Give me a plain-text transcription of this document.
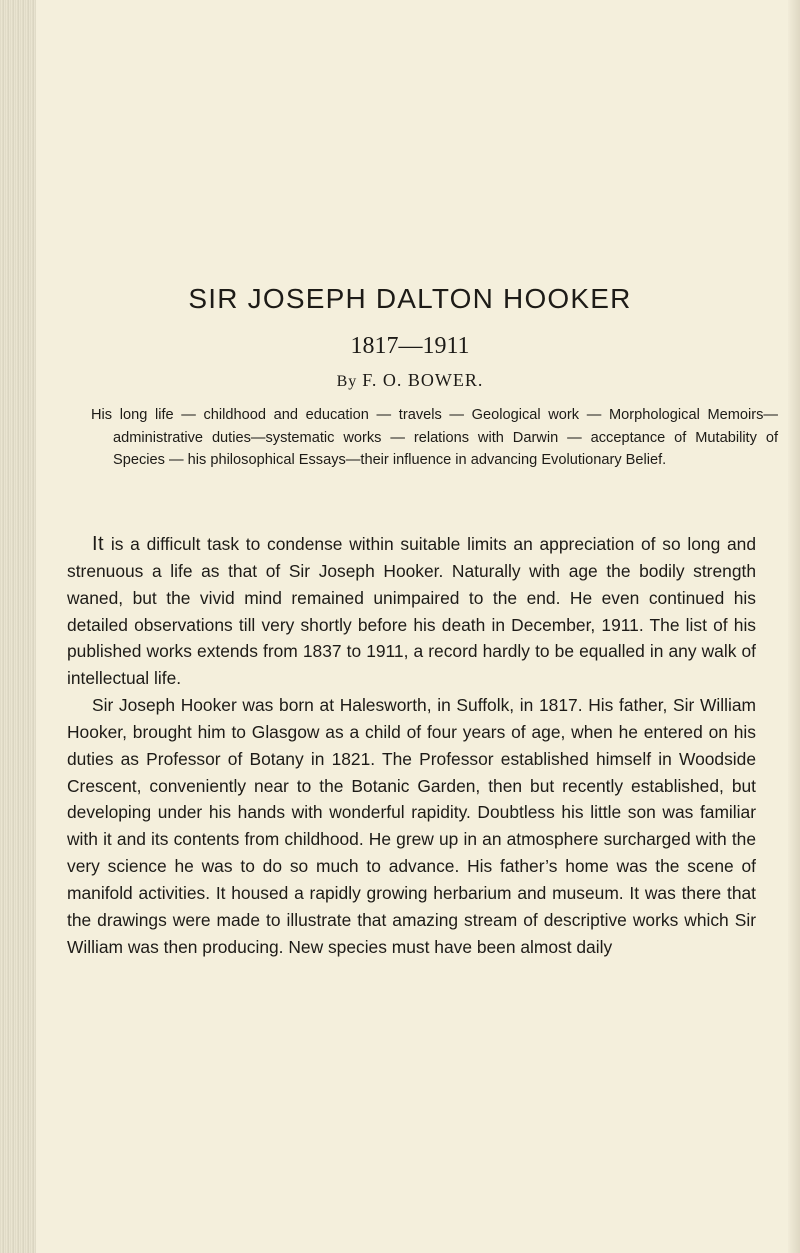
SIR JOSEPH DALTON HOOKER
1817—1911
By F. O. BOWER.

His long life — childhood and education — travels — Geological work — Morphological Memoirs—administrative duties—systematic works — relations with Darwin — acceptance of Mutability of Species — his philosophical Essays—their influence in advancing Evolutionary Belief.

It is a difficult task to condense within suitable limits an appreciation of so long and strenuous a life as that of Sir Joseph Hooker. Naturally with age the bodily strength waned, but the vivid mind remained unimpaired to the end. He even continued his detailed observations till very shortly before his death in December, 1911. The list of his published works extends from 1837 to 1911, a record hardly to be equalled in any walk of intellectual life.

Sir Joseph Hooker was born at Halesworth, in Suffolk, in 1817. His father, Sir William Hooker, brought him to Glasgow as a child of four years of age, when he entered on his duties as Professor of Botany in 1821. The Professor established himself in Woodside Crescent, conveniently near to the Botanic Garden, then but recently established, but developing under his hands with wonderful rapidity. Doubtless his little son was familiar with it and its contents from childhood. He grew up in an atmosphere surcharged with the very science he was to do so much to advance. His father’s home was the scene of manifold activities. It housed a rapidly growing herbarium and museum. It was there that the drawings were made to illustrate that amazing stream of descriptive works which Sir William was then producing. New species must have been almost daily
